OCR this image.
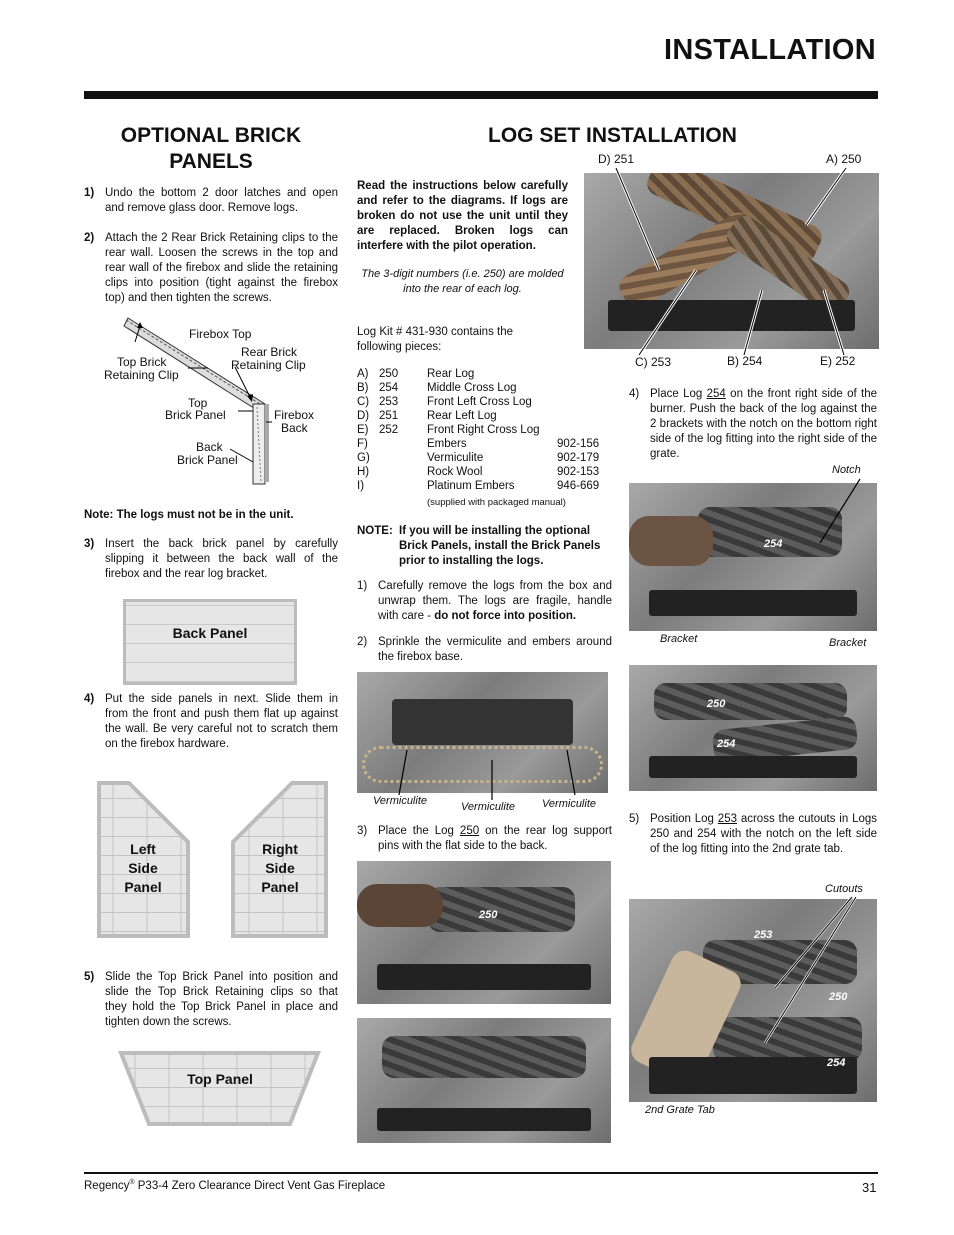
INSTALLATION
OPTIONAL BRICK
PANELS
1) Undo the bottom 2 door latches and open and remove glass door. Remove logs.
2) Attach the 2 Rear Brick Retaining clips to the rear wall. Loosen the screws in the top and rear wall of the firebox and slide the retaining clips into position (tight against the firebox top) and then tighten the screws.
Firebox Top
Top Brick
Retaining Clip
Rear Brick
Retaining Clip
Top
Brick Panel	Firebox
Back
Back
Brick Panel
Note: The logs must not be in the unit.
3) Insert the back brick panel by carefully slipping it between the back wall of the firebox and the rear log bracket.
Back Panel
4) Put the side panels in next. Slide them in from the front and push them flat up against the wall. Be very careful not to scratch them on the firebox hardware.
Left
Side
Panel
Right
Side
Panel
5) Slide the Top Brick Panel into position and slide the Top Brick Retaining clips so that they hold the Top Brick Panel in place and tighten down the screws.
Top Panel
LOG SET INSTALLATION
Read the instructions below carefully and refer to the diagrams. If logs are broken do not use the unit until they are replaced. Broken logs can interfere with the pilot operation.
The 3-digit numbers (i.e. 250) are molded into the rear of each log.
Log Kit # 431-930 contains the following pieces:
A)	250	Rear Log	
B)	254	Middle Cross Log	
C)	253	Front Left Cross Log	
D)	251	Rear Left Log	
E)	252	Front Right Cross Log	
F)		Embers	902-156
G)		Vermiculite	902-179
H)		Rock Wool	902-153
I)		Platinum Embers	946-669
(supplied with packaged manual)
NOTE: If you will be installing the optional Brick Panels, install the Brick Panels prior to installing the logs.
1) Carefully remove the logs from the box and unwrap them. The logs are fragile, handle with care - do not force into position.
2) Sprinkle the vermiculite and embers around the firebox base.
Vermiculite	Vermiculite Vermiculite
3) Place the Log 250 on the rear log support pins with the flat side to the back.
250
D) 251	A) 250
C) 253	B) 254	E) 252
4) Place Log 254 on the front right side of the burner. Push the back of the log against the 2 brackets with the notch on the bottom right side of the log fitting into the right side of the grate.
Notch
254
Bracket	Bracket
250
254
5) Position Log 253 across the cutouts in Logs 250 and 254 with the notch on the left side of the log fitting into the 2nd grate tab.
Cutouts
253
250
254
2nd Grate Tab
Regency® P33-4 Zero Clearance Direct Vent Gas Fireplace	31
